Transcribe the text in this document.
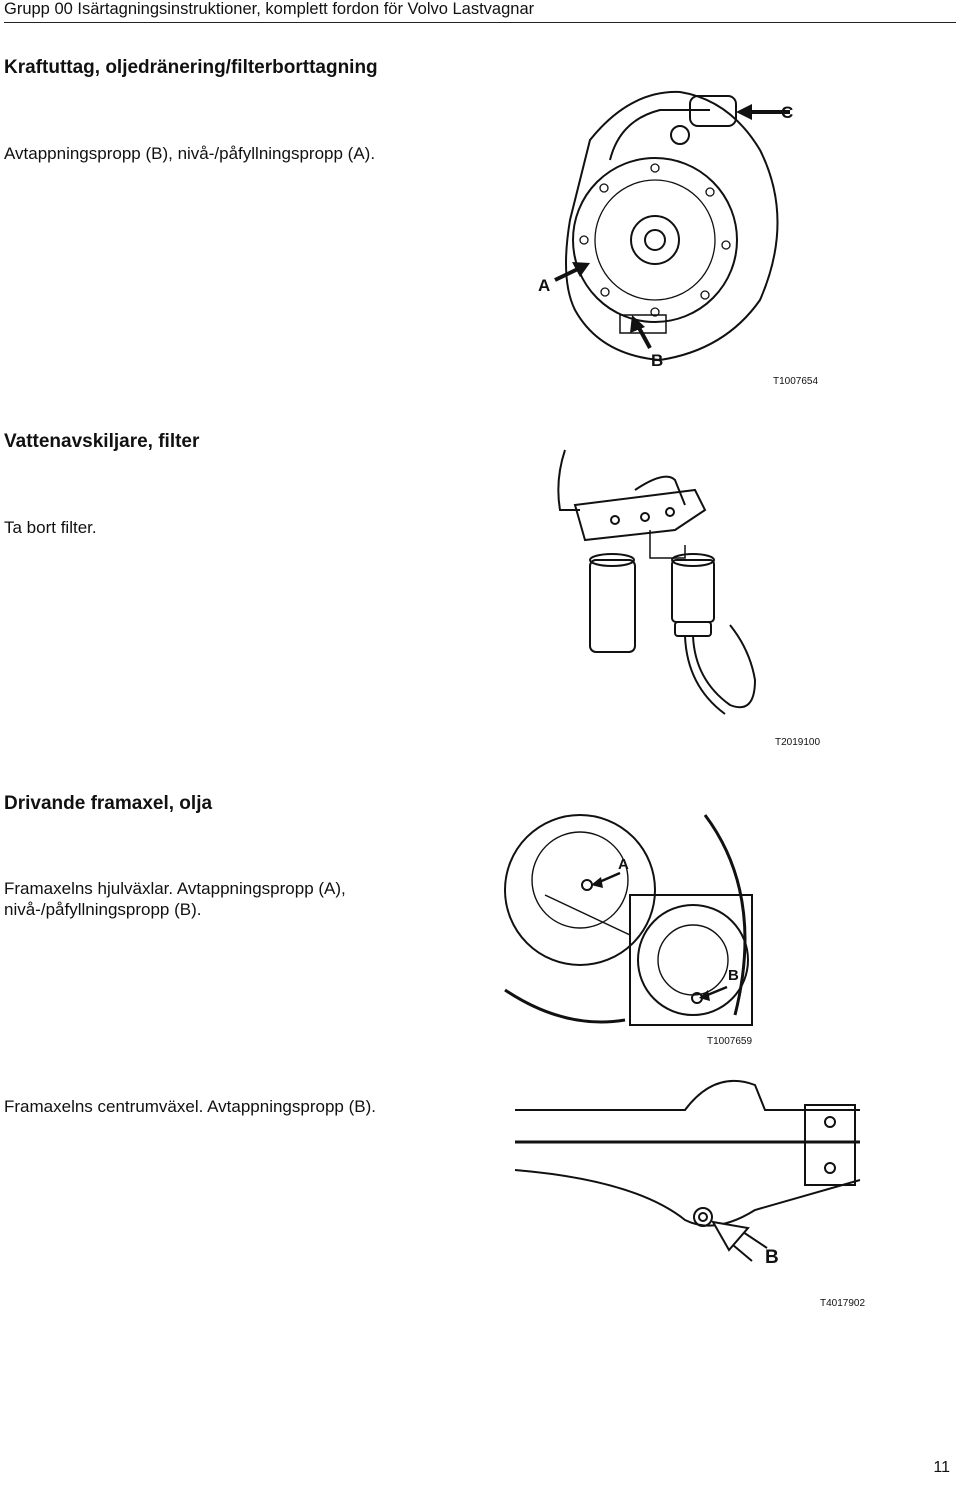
Grupp 00 Isärtagningsinstruktioner, komplett fordon för Volvo Lastvagnar
Kraftuttag, oljedränering/filterborttagning
Avtappningspropp (B), nivå-/påfyllningspropp (A).
C
A
B
T1007654
Vattenavskiljare, filter
Ta bort filter.
T2019100
Drivande framaxel, olja
Framaxelns hjulväxlar. Avtappningspropp (A),
nivå-/påfyllningspropp (B).
A
B
T1007659
Framaxelns centrumväxel. Avtappningspropp (B).
B
T4017902
11
